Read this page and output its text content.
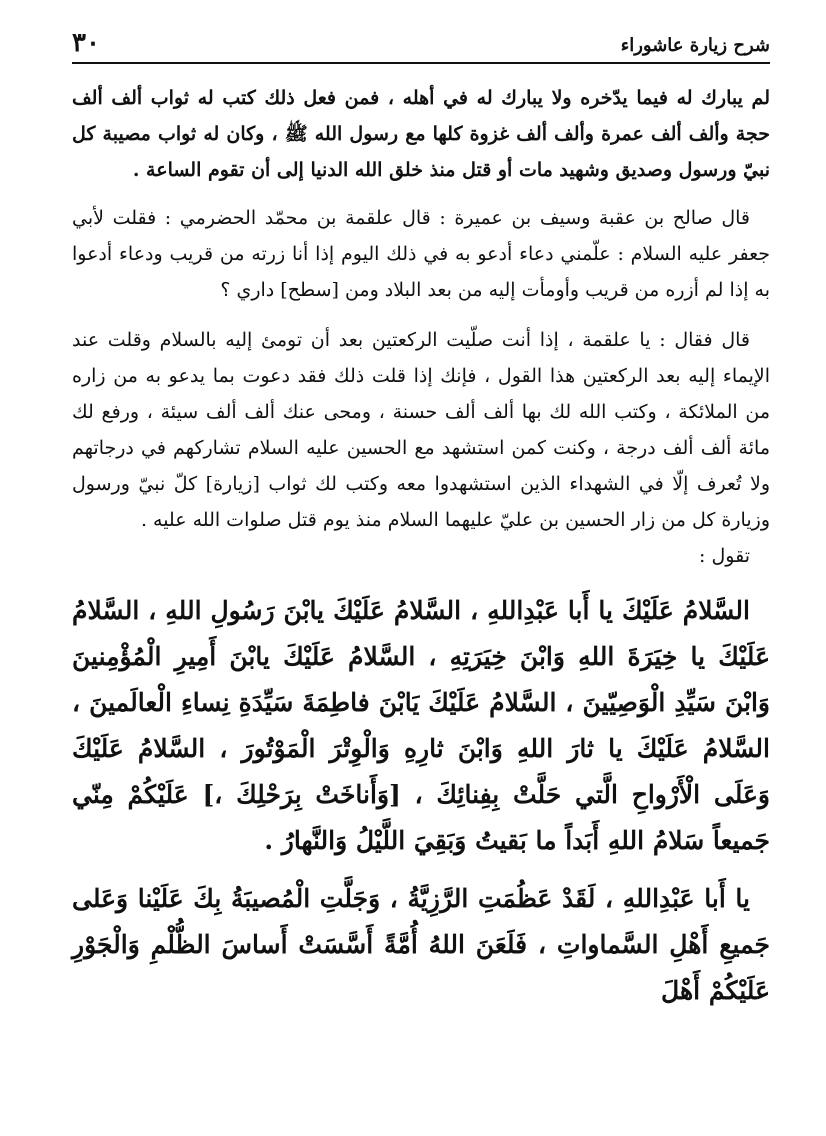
شرح زيارة عاشوراء
٣٠

لم يبارك له فيما يدّخره ولا يبارك له في أهله ، فمن فعل ذلك كتب له ثواب ألف ألف حجة وألف ألف عمرة وألف ألف غزوة كلها مع رسول الله ﷺ ، وكان له ثواب مصيبة كل نبيّ ورسول وصديق وشهيد مات أو قتل منذ خلق الله الدنيا إلى أن تقوم الساعة .

قال صالح بن عقبة وسيف بن عميرة : قال علقمة بن محمّد الحضرمي : فقلت لأبي جعفر عليه السلام : علّمني دعاء أدعو به في ذلك اليوم إذا أنا زرته من قريب ودعاء أدعوا به إذا لم أزره من قريب وأومأت إليه من بعد البلاد ومن [سطح] داري ؟

قال فقال : يا علقمة ، إذا أنت صلّيت الركعتين بعد أن تومئ إليه بالسلام وقلت عند الإيماء إليه بعد الركعتين هذا القول ، فإنك إذا قلت ذلك فقد دعوت بما يدعو به من زاره من الملائكة ، وكتب الله لك بها ألف ألف حسنة ، ومحى عنك ألف ألف سيئة ، ورفع لك مائة ألف ألف درجة ، وكنت كمن استشهد مع الحسين عليه السلام تشاركهم في درجاتهم ولا تُعرف إلّا في الشهداء الذين استشهدوا معه وكتب لك ثواب [زيارة] كلّ نبيّ ورسول وزيارة كل من زار الحسين بن عليّ عليهما السلام منذ يوم قتل صلوات الله عليه .

تقول :

السَّلامُ عَلَيْكَ يا أَبا عَبْدِاللهِ ، السَّلامُ عَلَيْكَ يابْنَ رَسُولِ اللهِ ، السَّلامُ عَلَيْكَ يا خِيَرَةَ اللهِ وَابْنَ خِيَرَتِهِ ، السَّلامُ عَلَيْكَ يابْنَ أَمِيرِ الْمُؤْمِنينَ وَابْنَ سَيِّدِ الْوَصِيّينَ ، السَّلامُ عَلَيْكَ يَابْنَ فاطِمَةَ سَيِّدَةِ نِساءِ الْعالَمينَ ، السَّلامُ عَلَيْكَ يا ثارَ اللهِ وَابْنَ ثارِهِ وَالْوِتْرَ الْمَوْتُورَ ، السَّلامُ عَلَيْكَ وَعَلَى الْأَرْواحِ الَّتي حَلَّتْ بِفِنائِكَ ، [وَأَناخَتْ بِرَحْلِكَ ،] عَلَيْكُمْ مِنّي جَميعاً سَلامُ اللهِ أَبَداً ما بَقيتُ وَبَقِيَ اللَّيْلُ وَالنَّهارُ .

يا أَبا عَبْدِاللهِ ، لَقَدْ عَظُمَتِ الرَّزِيَّةُ ، وَجَلَّتِ الْمُصيبَةُ بِكَ عَلَيْنا وَعَلى جَميعِ أَهْلِ السَّماواتِ ، فَلَعَنَ اللهُ أُمَّةً أَسَّسَتْ أَساسَ الظُّلْمِ وَالْجَوْرِ عَلَيْكُمْ أَهْلَ
